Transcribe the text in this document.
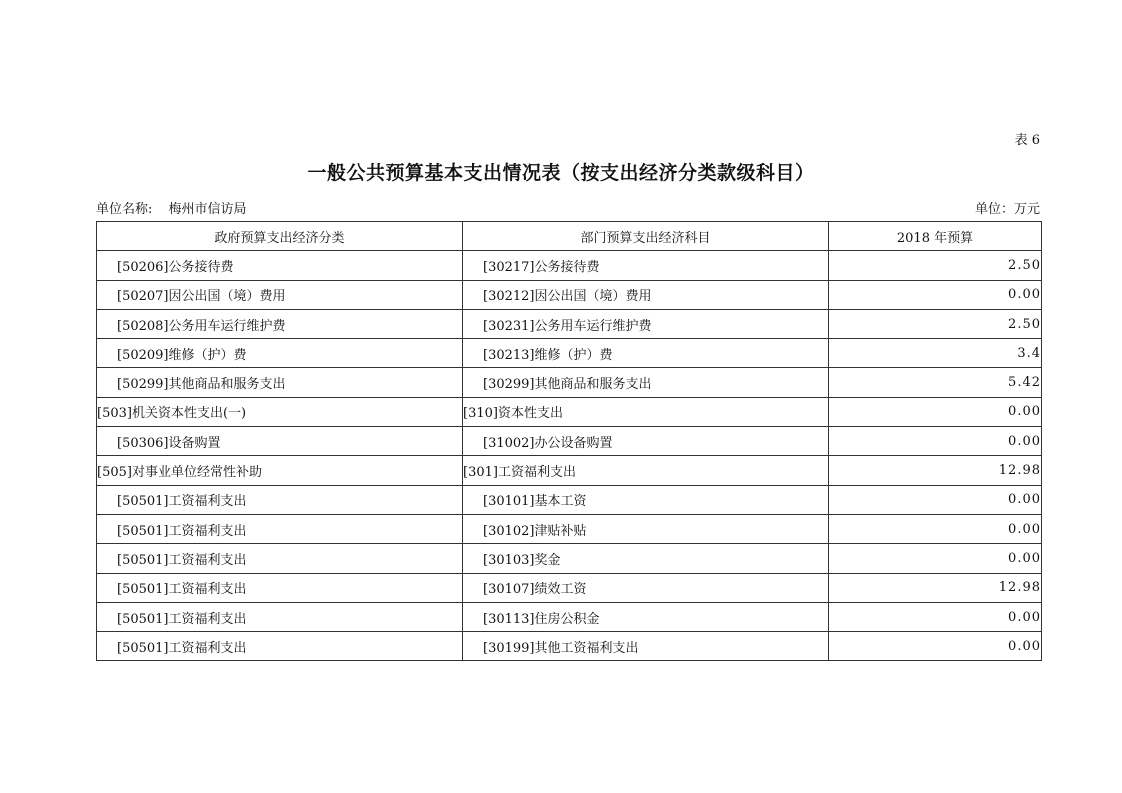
表 6
一般公共预算基本支出情况表（按支出经济分类款级科目）
单位名称: 梅州市信访局	单位：万元
政府预算支出经济分类	部门预算支出经济科目	2018 年预算
[50206]公务接待费	[30217]公务接待费	2.50
[50207]因公出国（境）费用	[30212]因公出国（境）费用	0.00
[50208]公务用车运行维护费	[30231]公务用车运行维护费	2.50
[50209]维修（护）费	[30213]维修（护）费	3.4
[50299]其他商品和服务支出	[30299]其他商品和服务支出	5.42
[503]机关资本性支出(一)	[310]资本性支出	0.00
[50306]设备购置	[31002]办公设备购置	0.00
[505]对事业单位经常性补助	[301]工资福利支出	12.98
[50501]工资福利支出	[30101]基本工资	0.00
[50501]工资福利支出	[30102]津贴补贴	0.00
[50501]工资福利支出	[30103]奖金	0.00
[50501]工资福利支出	[30107]绩效工资	12.98
[50501]工资福利支出	[30113]住房公积金	0.00
[50501]工资福利支出	[30199]其他工资福利支出	0.00
